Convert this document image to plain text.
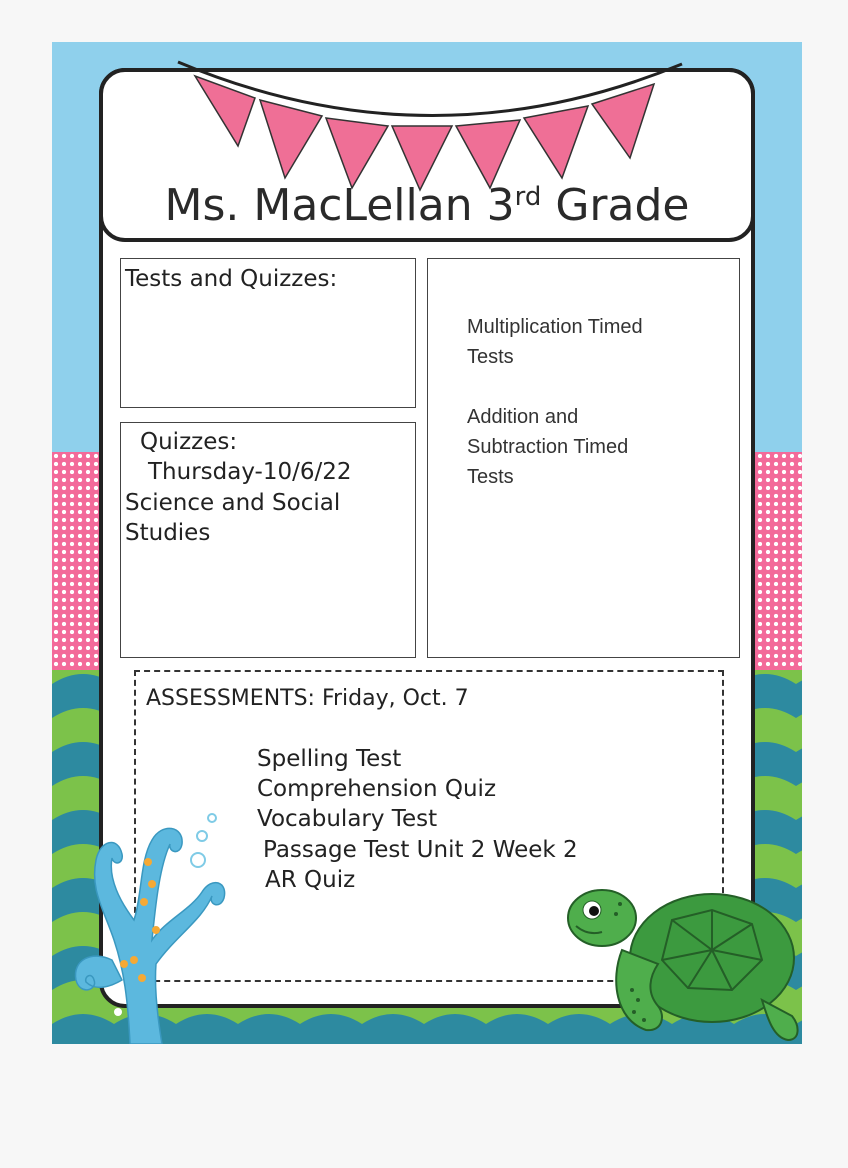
Ms. MacLellan 3rd Grade
Tests and Quizzes:
Quizzes:
Thursday-10/6/22
Science and Social
Studies
Multiplication Timed
Tests
Addition and
Subtraction Timed
Tests
ASSESSMENTS: Friday, Oct. 7
Spelling Test
Comprehension Quiz
Vocabulary Test
Passage Test Unit 2 Week 2
AR Quiz
